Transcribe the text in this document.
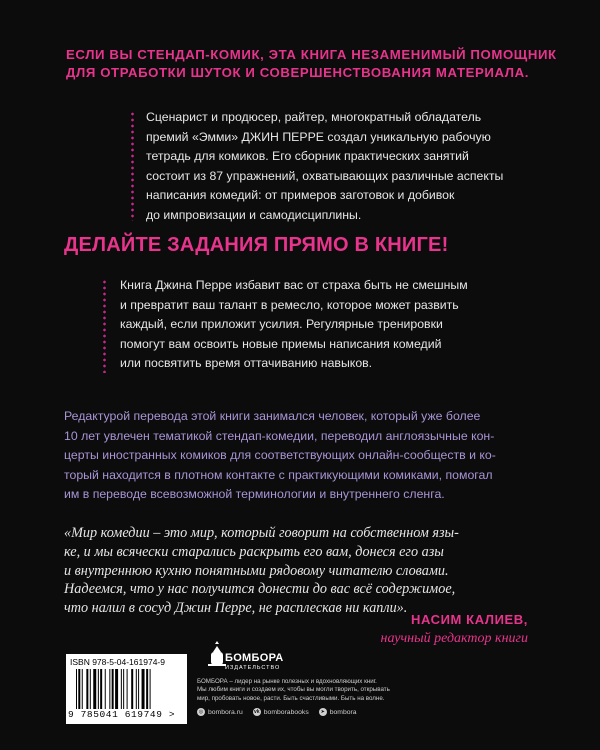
ЕСЛИ ВЫ СТЕНДАП-КОМИК, ЭТА КНИГА НЕЗАМЕНИМЫЙ ПОМОЩНИК
ДЛЯ ОТРАБОТКИ ШУТОК И СОВЕРШЕНСТВОВАНИЯ МАТЕРИАЛА.
Сценарист и продюсер, райтер, многократный обладатель
премий «Эмми» ДЖИН ПЕРРЕ создал уникальную рабочую
тетрадь для комиков. Его сборник практических занятий
состоит из 87 упражнений, охватывающих различные аспекты
написания комедий: от примеров заготовок и добивок
до импровизации и самодисциплины.
ДЕЛАЙТЕ ЗАДАНИЯ ПРЯМО В КНИГЕ!
Книга Джина Перре избавит вас от страха быть не смешным
и превратит ваш талант в ремесло, которое может развить
каждый, если приложит усилия. Регулярные тренировки
помогут вам освоить новые приемы написания комедий
или посвятить время оттачиванию навыков.
Редактурой перевода этой книги занимался человек, который уже более
10 лет увлечен тематикой стендап-комедии, переводил англоязычные кон-
церты иностранных комиков для соответствующих онлайн-сообществ и ко-
торый находится в плотном контакте с практикующими комиками, помогал
им в переводе всевозможной терминологии и внутреннего сленга.
«Мир комедии – это мир, который говорит на собственном язы-
ке, и мы всячески старались раскрыть его вам, донеся его азы
и внутреннюю кухню понятными рядовому читателю словами.
Надеемся, что у нас получится донести до вас всё содержимое,
что налил в сосуд Джин Перре, не расплескав ни капли».
НАСИМ КАЛИЕВ,
научный редактор книги
ISBN 978-5-04-161974-9
9 785041 619749 >
БОМБОРА
ИЗДАТЕЛЬСТВО
БОМБОРА – лидер на рынке полезных и вдохновляющих книг.
Мы любим книги и создаем их, чтобы вы могли творить, открывать
мир, пробовать новое, расти. Быть счастливыми. Быть на волне.
◎ bombora.ru vk bomborabooks	➤ bombora
